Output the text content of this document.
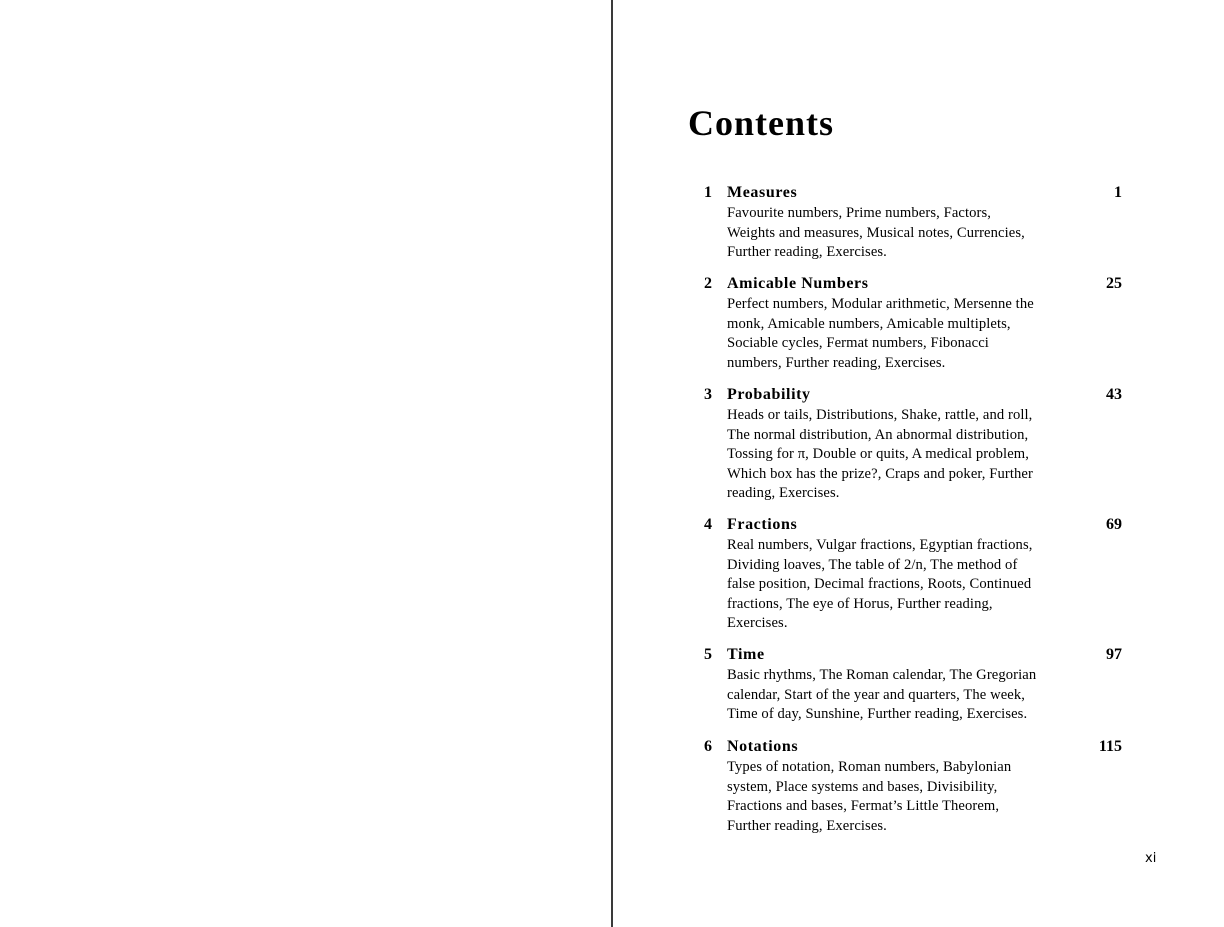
Contents
1 Measures	1

Favourite numbers, Prime numbers, Factors,
Weights and measures, Musical notes, Currencies,
Further reading, Exercises.

2 Amicable Numbers	25

Perfect numbers, Modular arithmetic, Mersenne the
monk, Amicable numbers, Amicable multiplets,
Sociable cycles, Fermat numbers, Fibonacci
numbers, Further reading, Exercises.

3 Probability	43

Heads or tails, Distributions, Shake, rattle, and roll,
The normal distribution, An abnormal distribution,
Tossing for π, Double or quits, A medical problem,
Which box has the prize?, Craps and poker, Further
reading, Exercises.

4 Fractions	69

Real numbers, Vulgar fractions, Egyptian fractions,
Dividing loaves, The table of 2/n, The method of
false position, Decimal fractions, Roots, Continued
fractions, The eye of Horus, Further reading,
Exercises.

5 Time	97

Basic rhythms, The Roman calendar, The Gregorian
calendar, Start of the year and quarters, The week,
Time of day, Sunshine, Further reading, Exercises.

6 Notations	115

Types of notation, Roman numbers, Babylonian
system, Place systems and bases, Divisibility,
Fractions and bases, Fermat’s Little Theorem,
Further reading, Exercises.

xi
